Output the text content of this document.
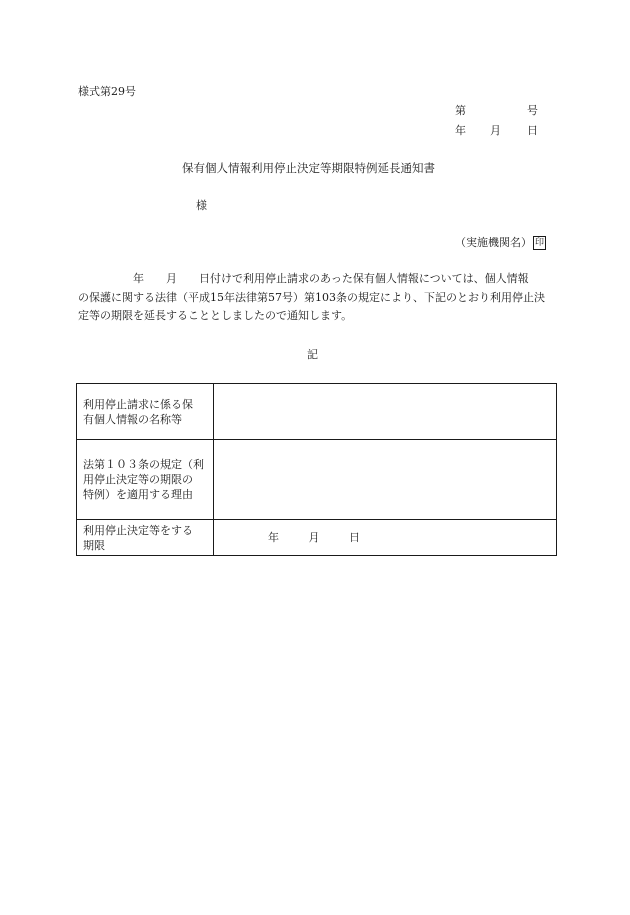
様式第29号
第	号
年 月 日
保有個人情報利用停止決定等期限特例延長通知書
様
（実施機関名） 印
　　　　　年　　月　　日付けで利用停止請求のあった保有個人情報については、個人情報
の保護に関する法律（平成15年法律第57号）第103条の規定により、下記のとおり利用停止決
定等の期限を延長することとしましたので通知します。
記
利用停止請求に係る保
有個人情報の名称等	

法第１０３条の規定（利
用停止決定等の期限の
特例）を適用する理由	

利用停止決定等をする
期限	年 月 日
